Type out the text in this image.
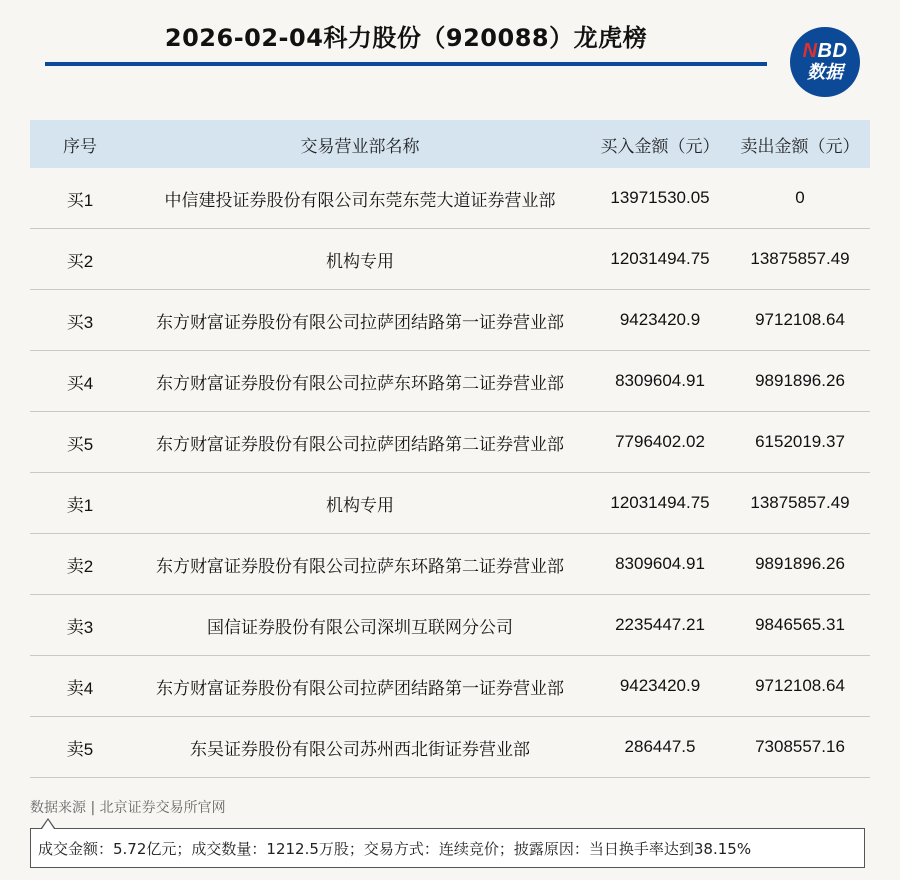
2026-02-04科力股份（920088）龙虎榜	NBD
数据
序号	交易营业部名称	买入金额（元）	卖出金额（元）
买1	中信建投证券股份有限公司东莞东莞大道证券营业部	13971530.05	0
买2	机构专用	12031494.75	13875857.49
买3	东方财富证券股份有限公司拉萨团结路第一证券营业部	9423420.9	9712108.64
买4	东方财富证券股份有限公司拉萨东环路第二证券营业部	8309604.91	9891896.26
买5	东方财富证券股份有限公司拉萨团结路第二证券营业部	7796402.02	6152019.37
卖1	机构专用	12031494.75	13875857.49
卖2	东方财富证券股份有限公司拉萨东环路第二证券营业部	8309604.91	9891896.26
卖3	国信证券股份有限公司深圳互联网分公司	2235447.21	9846565.31
卖4	东方财富证券股份有限公司拉萨团结路第一证券营业部	9423420.9	9712108.64
卖5	东吴证券股份有限公司苏州西北街证券营业部	286447.5	7308557.16
数据来源 | 北京证券交易所官网
成交金额：5.72亿元；成交数量：1212.5万股；交易方式：连续竞价；披露原因：当日换手率达到38.15%
